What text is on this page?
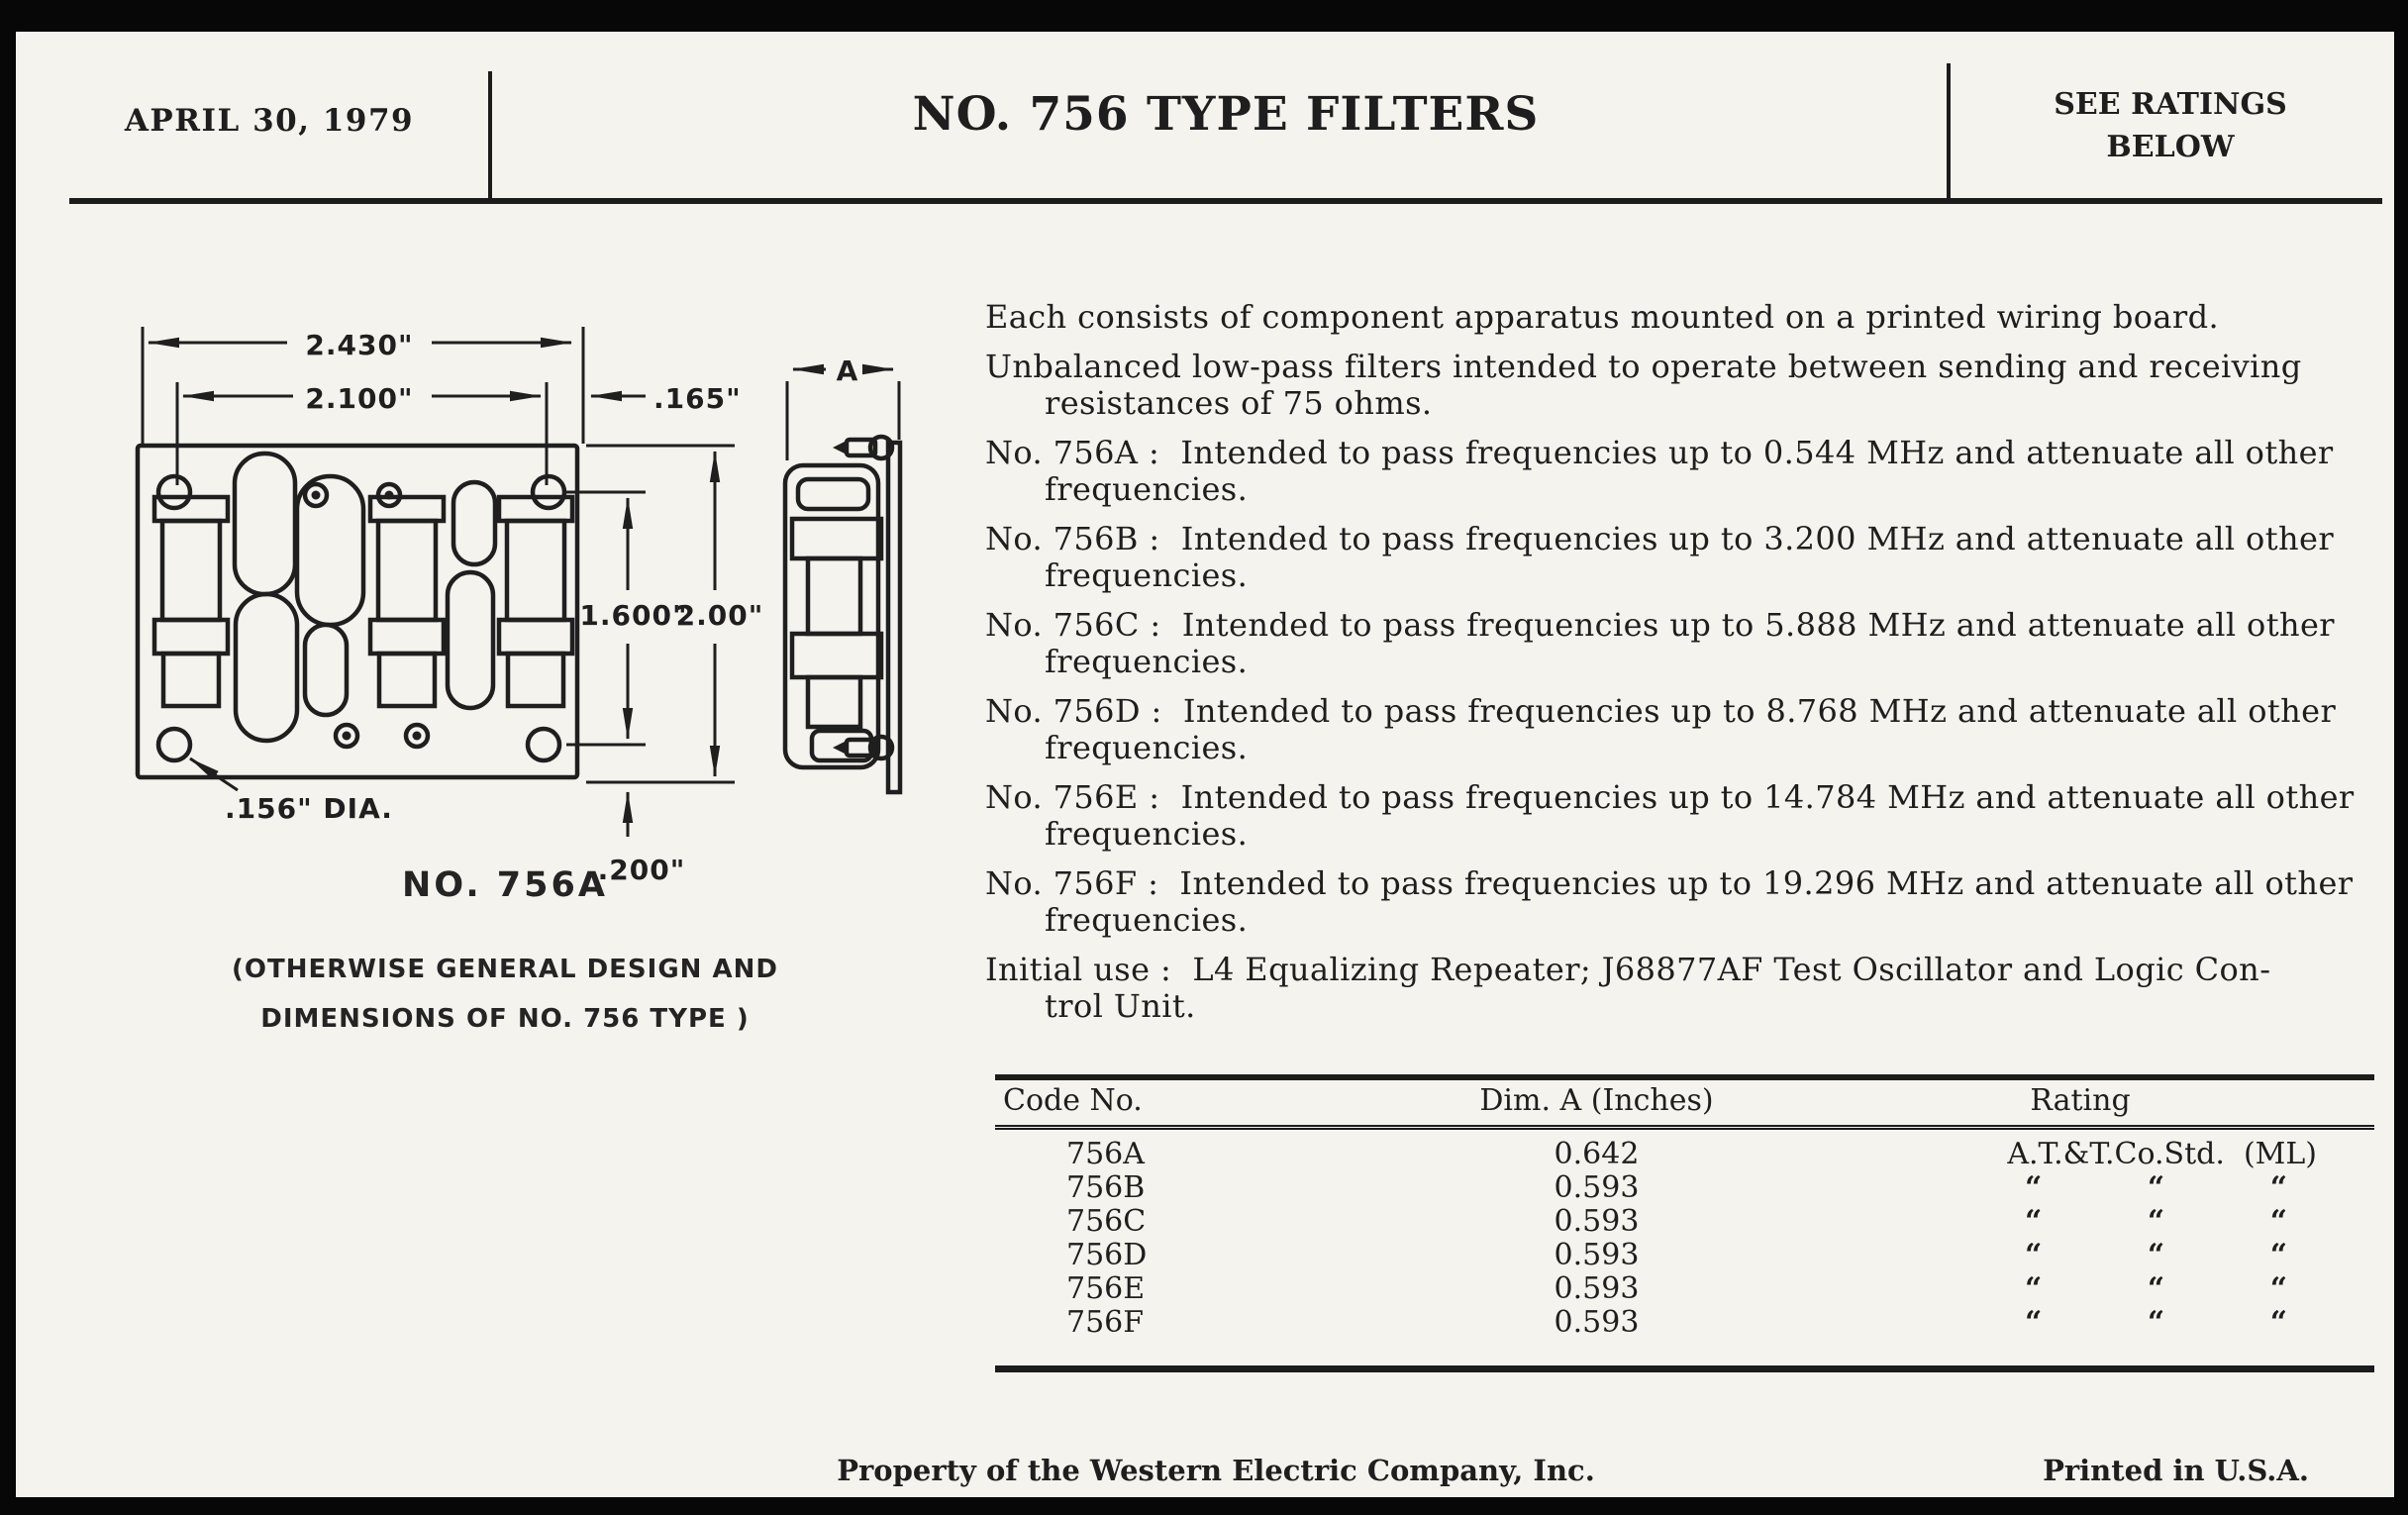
APRIL 30, 1979	NO. 756 TYPE FILTERS	SEE RATINGS
BELOW
2.430"
2.100"	.165"
A
1.600"
2.00"
.200"
.156" DIA.
NO. 756A
(OTHERWISE GENERAL DESIGN AND
DIMENSIONS OF NO. 756 TYPE )

Each consists of component apparatus mounted on a printed wiring board.

Unbalanced low-pass filters intended to operate between sending and receiving
resistances of 75 ohms.

No. 756A :  Intended to pass frequencies up to 0.544 MHz and attenuate all other
frequencies.

No. 756B :  Intended to pass frequencies up to 3.200 MHz and attenuate all other
frequencies.

No. 756C :  Intended to pass frequencies up to 5.888 MHz and attenuate all other
frequencies.

No. 756D :  Intended to pass frequencies up to 8.768 MHz and attenuate all other
frequencies.

No. 756E :  Intended to pass frequencies up to 14.784 MHz and attenuate all other
frequencies.

No. 756F :  Intended to pass frequencies up to 19.296 MHz and attenuate all other
frequencies.

Initial use :  L4 Equalizing Repeater; J68877AF Test Oscillator and Logic Con-
trol Unit.

Code No.	Dim. A (Inches)	Rating
756A	0.642	A.T.&T.Co.Std.  (ML)
756B	0.593	“	“	“
756C	0.593	“	“	“
756D	0.593	“	“	“
756E	0.593	“	“	“
756F	0.593	“	“	“
Property of the Western Electric Company, Inc.	Printed in U.S.A.
